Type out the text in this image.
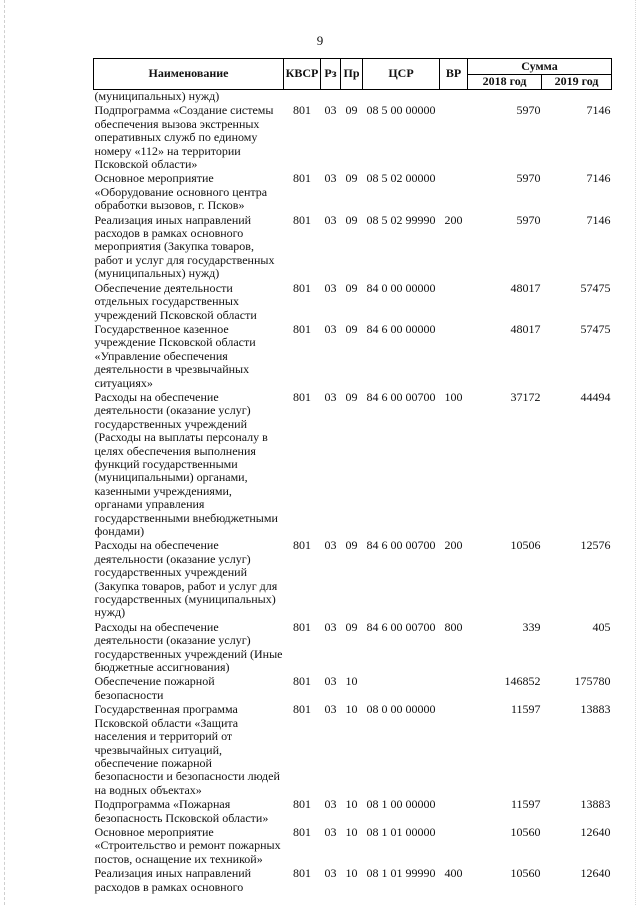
9
Наименование	КВСР	Рз	Пр	ЦСР	ВР	Сумма	
						2018 год	2019 год
(муниципальных) нужд)							
Подпрограмма «Создание системы обеспечения вызова экстренных оперативных служб по единому номеру «112» на территории Псковской области»	801	03	09	08 5 00 00000		5970	7146
Основное мероприятие «Оборудование основного центра обработки вызовов, г. Псков»	801	03	09	08 5 02 00000		5970	7146
Реализация иных направлений расходов в рамках основного мероприятия (Закупка товаров, работ и услуг для государственных (муниципальных) нужд)	801	03	09	08 5 02 99990	200	5970	7146
Обеспечение деятельности отдельных государственных учреждений Псковской области	801	03	09	84 0 00 00000		48017	57475
Государственное казенное учреждение Псковской области «Управление обеспечения деятельности в чрезвычайных ситуациях»	801	03	09	84 6 00 00000		48017	57475
Расходы на обеспечение деятельности (оказание услуг) государственных учреждений (Расходы на выплаты персоналу в целях обеспечения выполнения функций государственными (муниципальными) органами, казенными учреждениями, органами управления государственными внебюджетными фондами)	801	03	09	84 6 00 00700	100	37172	44494
Расходы на обеспечение деятельности (оказание услуг) государственных учреждений (Закупка товаров, работ и услуг для государственных (муниципальных) нужд)	801	03	09	84 6 00 00700	200	10506	12576
Расходы на обеспечение деятельности (оказание услуг) государственных учреждений (Иные бюджетные ассигнования)	801	03	09	84 6 00 00700	800	339	405
Обеспечение пожарной безопасности	801	03	10			146852	175780
Государственная программа Псковской области «Защита населения и территорий от чрезвычайных ситуаций, обеспечение пожарной безопасности и безопасности людей на водных объектах»	801	03	10	08 0 00 00000		11597	13883
Подпрограмма «Пожарная безопасность Псковской области»	801	03	10	08 1 00 00000		11597	13883
Основное мероприятие «Строительство и ремонт пожарных постов, оснащение их техникой»	801	03	10	08 1 01 00000		10560	12640
Реализация иных направлений расходов в рамках основного	801	03	10	08 1 01 99990	400	10560	12640
